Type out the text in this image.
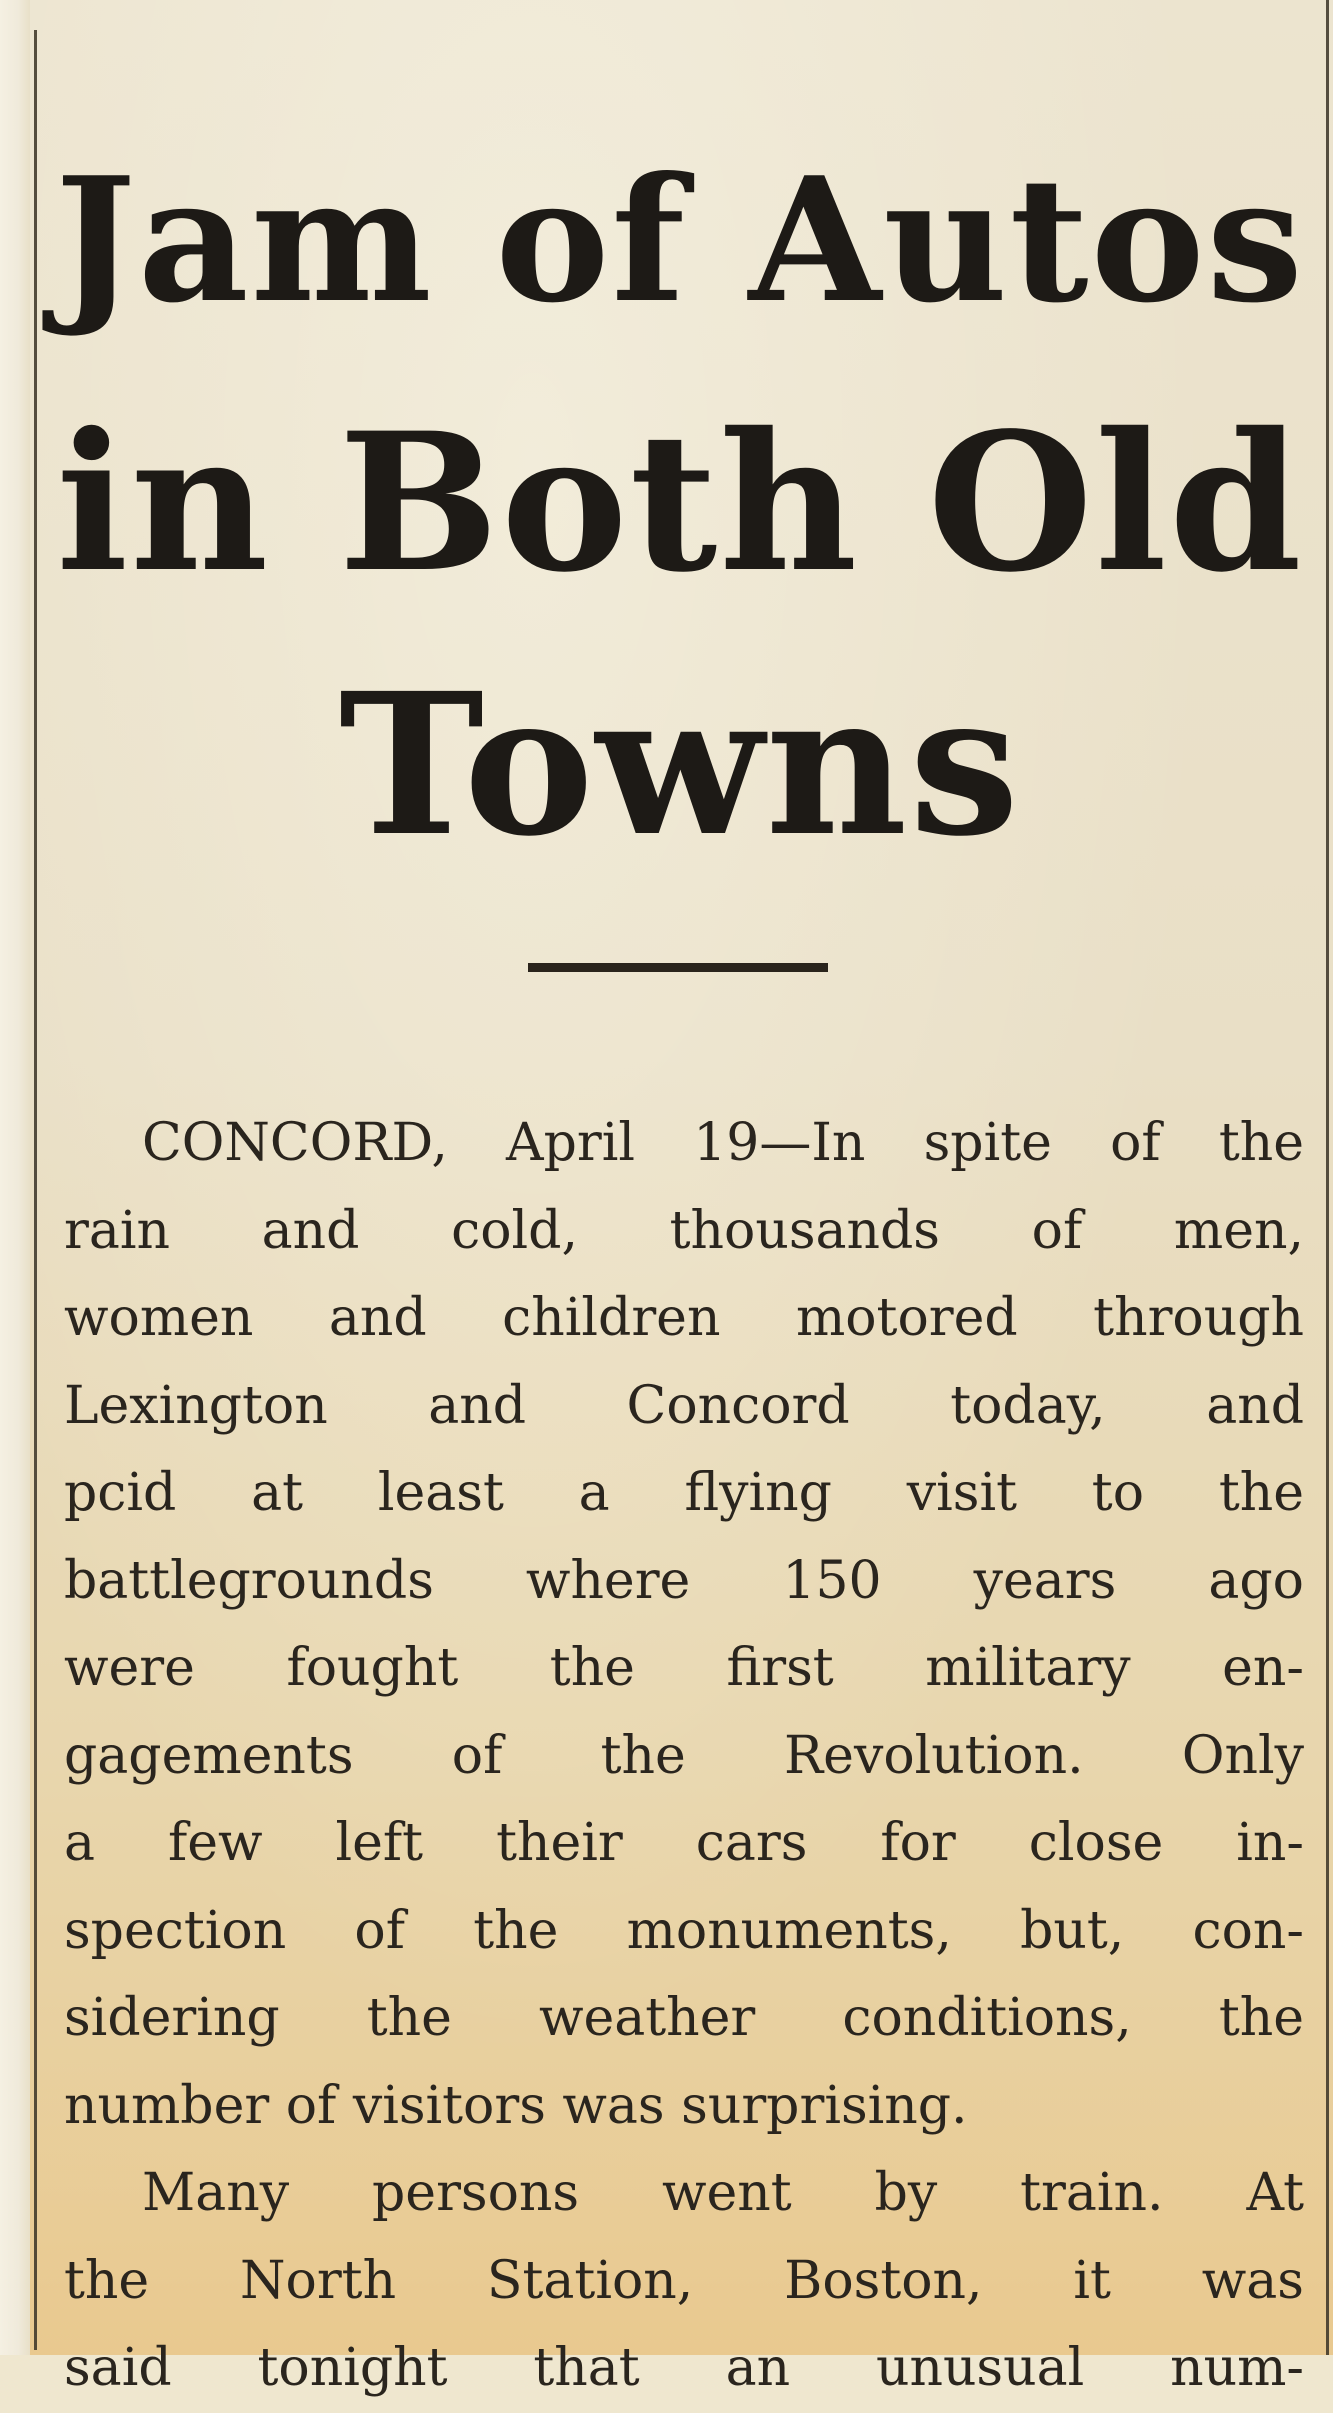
Jam of Autos
in Both Old
Towns
CONCORD, April 19—In spite of the
rain and cold, thousands of men,
women and children motored through
Lexington and Concord today, and
pcid at least a flying visit to the
battlegrounds where 150 years ago
were fought the first military en-
gagements of the Revolution. Only
a few left their cars for close in-
spection of the monuments, but, con-
sidering the weather conditions, the
number of visitors was surprising.
Many persons went by train. At
the North Station, Boston, it was
said tonight that an unusual num-
